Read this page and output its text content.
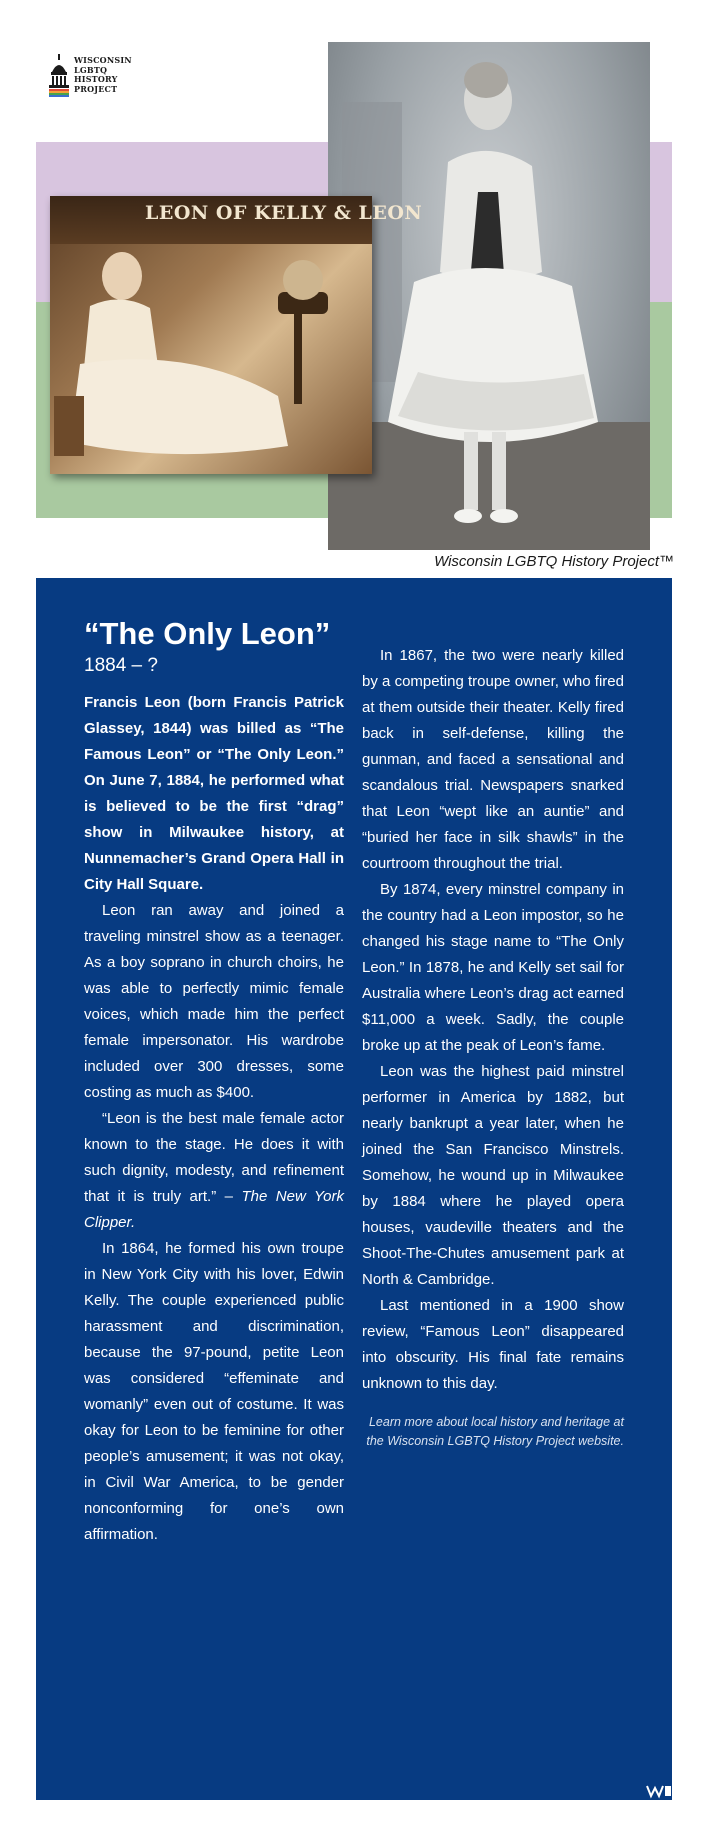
WISCONSIN
LGBTQ
HISTORY
PROJECT
LEON OF KELLY & LEON
Wisconsin LGBTQ History Project™
“The Only Leon”
1884 – ?

Francis Leon (born Francis Patrick Glassey, 1844) was billed as “The Famous Leon” or “The Only Leon.” On June 7, 1884, he performed what is believed to be the first “drag” show in Milwaukee history, at Nunnemacher’s Grand Opera Hall in City Hall Square.

Leon ran away and joined a traveling minstrel show as a teenager. As a boy soprano in church choirs, he was able to perfectly mimic female voices, which made him the perfect female impersonator. His wardrobe included over 300 dresses, some costing as much as $400.

“Leon is the best male female actor known to the stage. He does it with such dignity, modesty, and refinement that it is truly art.” – The New York Clipper.

In 1864, he formed his own troupe in New York City with his lover, Edwin Kelly. The couple experienced public harassment and discrimination, because the 97-pound, petite Leon was considered “effeminate and womanly” even out of costume. It was okay for Leon to be feminine for other people’s amusement; it was not okay, in Civil War America, to be gender nonconforming for one’s own affirmation.

In 1867, the two were nearly killed by a competing troupe owner, who fired at them outside their theater. Kelly fired back in self-defense, killing the gunman, and faced a sensational and scandalous trial. Newspapers snarked that Leon “wept like an auntie” and “buried her face in silk shawls” in the courtroom throughout the trial.

By 1874, every minstrel company in the country had a Leon impostor, so he changed his stage name to “The Only Leon.” In 1878, he and Kelly set sail for Australia where Leon’s drag act earned $11,000 a week. Sadly, the couple broke up at the peak of Leon’s fame.

Leon was the highest paid minstrel performer in America by 1882, but nearly bankrupt a year later, when he joined the San Francisco Minstrels. Somehow, he wound up in Milwaukee by 1884 where he played opera houses, vaudeville theaters and the Shoot-The-Chutes amusement park at North & Cambridge.

Last mentioned in a 1900 show review, “Famous Leon” disappeared into obscurity. His final fate remains unknown to this day.

Learn more about local history and heritage at the Wisconsin LGBTQ History Project website.
